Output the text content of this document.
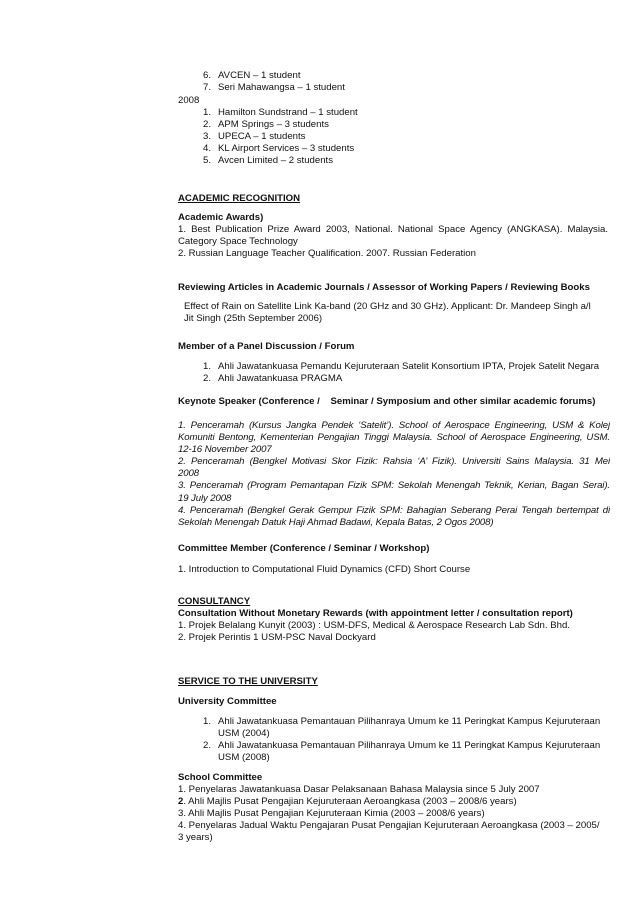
6. AVCEN – 1 student
7. Seri Mahawangsa – 1 student
2008
1. Hamilton Sundstrand – 1 student
2. APM Springs – 3 students
3. UPECA – 1 students
4. KL Airport Services – 3 students
5. Avcen Limited – 2 students
ACADEMIC RECOGNITION
Academic Awards)
1. Best Publication Prize Award 2003, National. National Space Agency (ANGKASA). Malaysia.
Category Space Technology
2. Russian Language Teacher Qualification. 2007. Russian Federation
Reviewing Articles in Academic Journals / Assessor of Working Papers / Reviewing Books
Effect of Rain on Satellite Link Ka-band (20 GHz and 30 GHz). Applicant: Dr. Mandeep Singh a/l
Jit Singh (25th September 2006)
Member of a Panel Discussion / Forum
1. Ahli Jawatankuasa Pemandu Kejuruteraan Satelit Konsortium IPTA, Projek Satelit Negara
2. Ahli Jawatankuasa PRAGMA
Keynote Speaker (Conference /    Seminar / Symposium and other similar academic forums)
1. Penceramah (Kursus Jangka Pendek ‘Satelit’). School of Aerospace Engineering, USM & Kolej
Komuniti Bentong, Kementerian Pengajian Tinggi Malaysia. School of Aerospace Engineering, USM.
12-16 November 2007
2. Penceramah (Bengkel Motivasi Skor Fizik: Rahsia ‘A’ Fizik). Universiti Sains Malaysia. 31 Mei
2008
3. Penceramah (Program Pemantapan Fizik SPM: Sekolah Menengah Teknik, Kerian, Bagan Serai).
19 July 2008
4. Penceramah (Bengkel Gerak Gempur Fizik SPM: Bahagian Seberang Perai Tengah bertempat di
Sekolah Menengah Datuk Haji Ahmad Badawi, Kepala Batas, 2 Ogos 2008)
Committee Member (Conference / Seminar / Workshop)
1. Introduction to Computational Fluid Dynamics (CFD) Short Course
CONSULTANCY
Consultation Without Monetary Rewards (with appointment letter / consultation report)
1. Projek Belalang Kunyit (2003) : USM-DFS, Medical & Aerospace Research Lab Sdn. Bhd.
2. Projek Perintis 1 USM-PSC Naval Dockyard
SERVICE TO THE UNIVERSITY
University Committee
1. Ahli Jawatankuasa Pemantauan Pilihanraya Umum ke 11 Peringkat Kampus Kejuruteraan USM (2004)
2. Ahli Jawatankuasa Pemantauan Pilihanraya Umum ke 11 Peringkat Kampus Kejuruteraan USM (2008)
School Committee
1. Penyelaras Jawatankuasa Dasar Pelaksanaan Bahasa Malaysia since 5 July 2007
2. Ahli Majlis Pusat Pengajian Kejuruteraan Aeroangkasa (2003 – 2008/6 years)
3. Ahli Majlis Pusat Pengajian Kejuruteraan Kimia (2003 – 2008/6 years)
4. Penyelaras Jadual Waktu Pengajaran Pusat Pengajian Kejuruteraan Aeroangkasa (2003 – 2005/
3 years)
